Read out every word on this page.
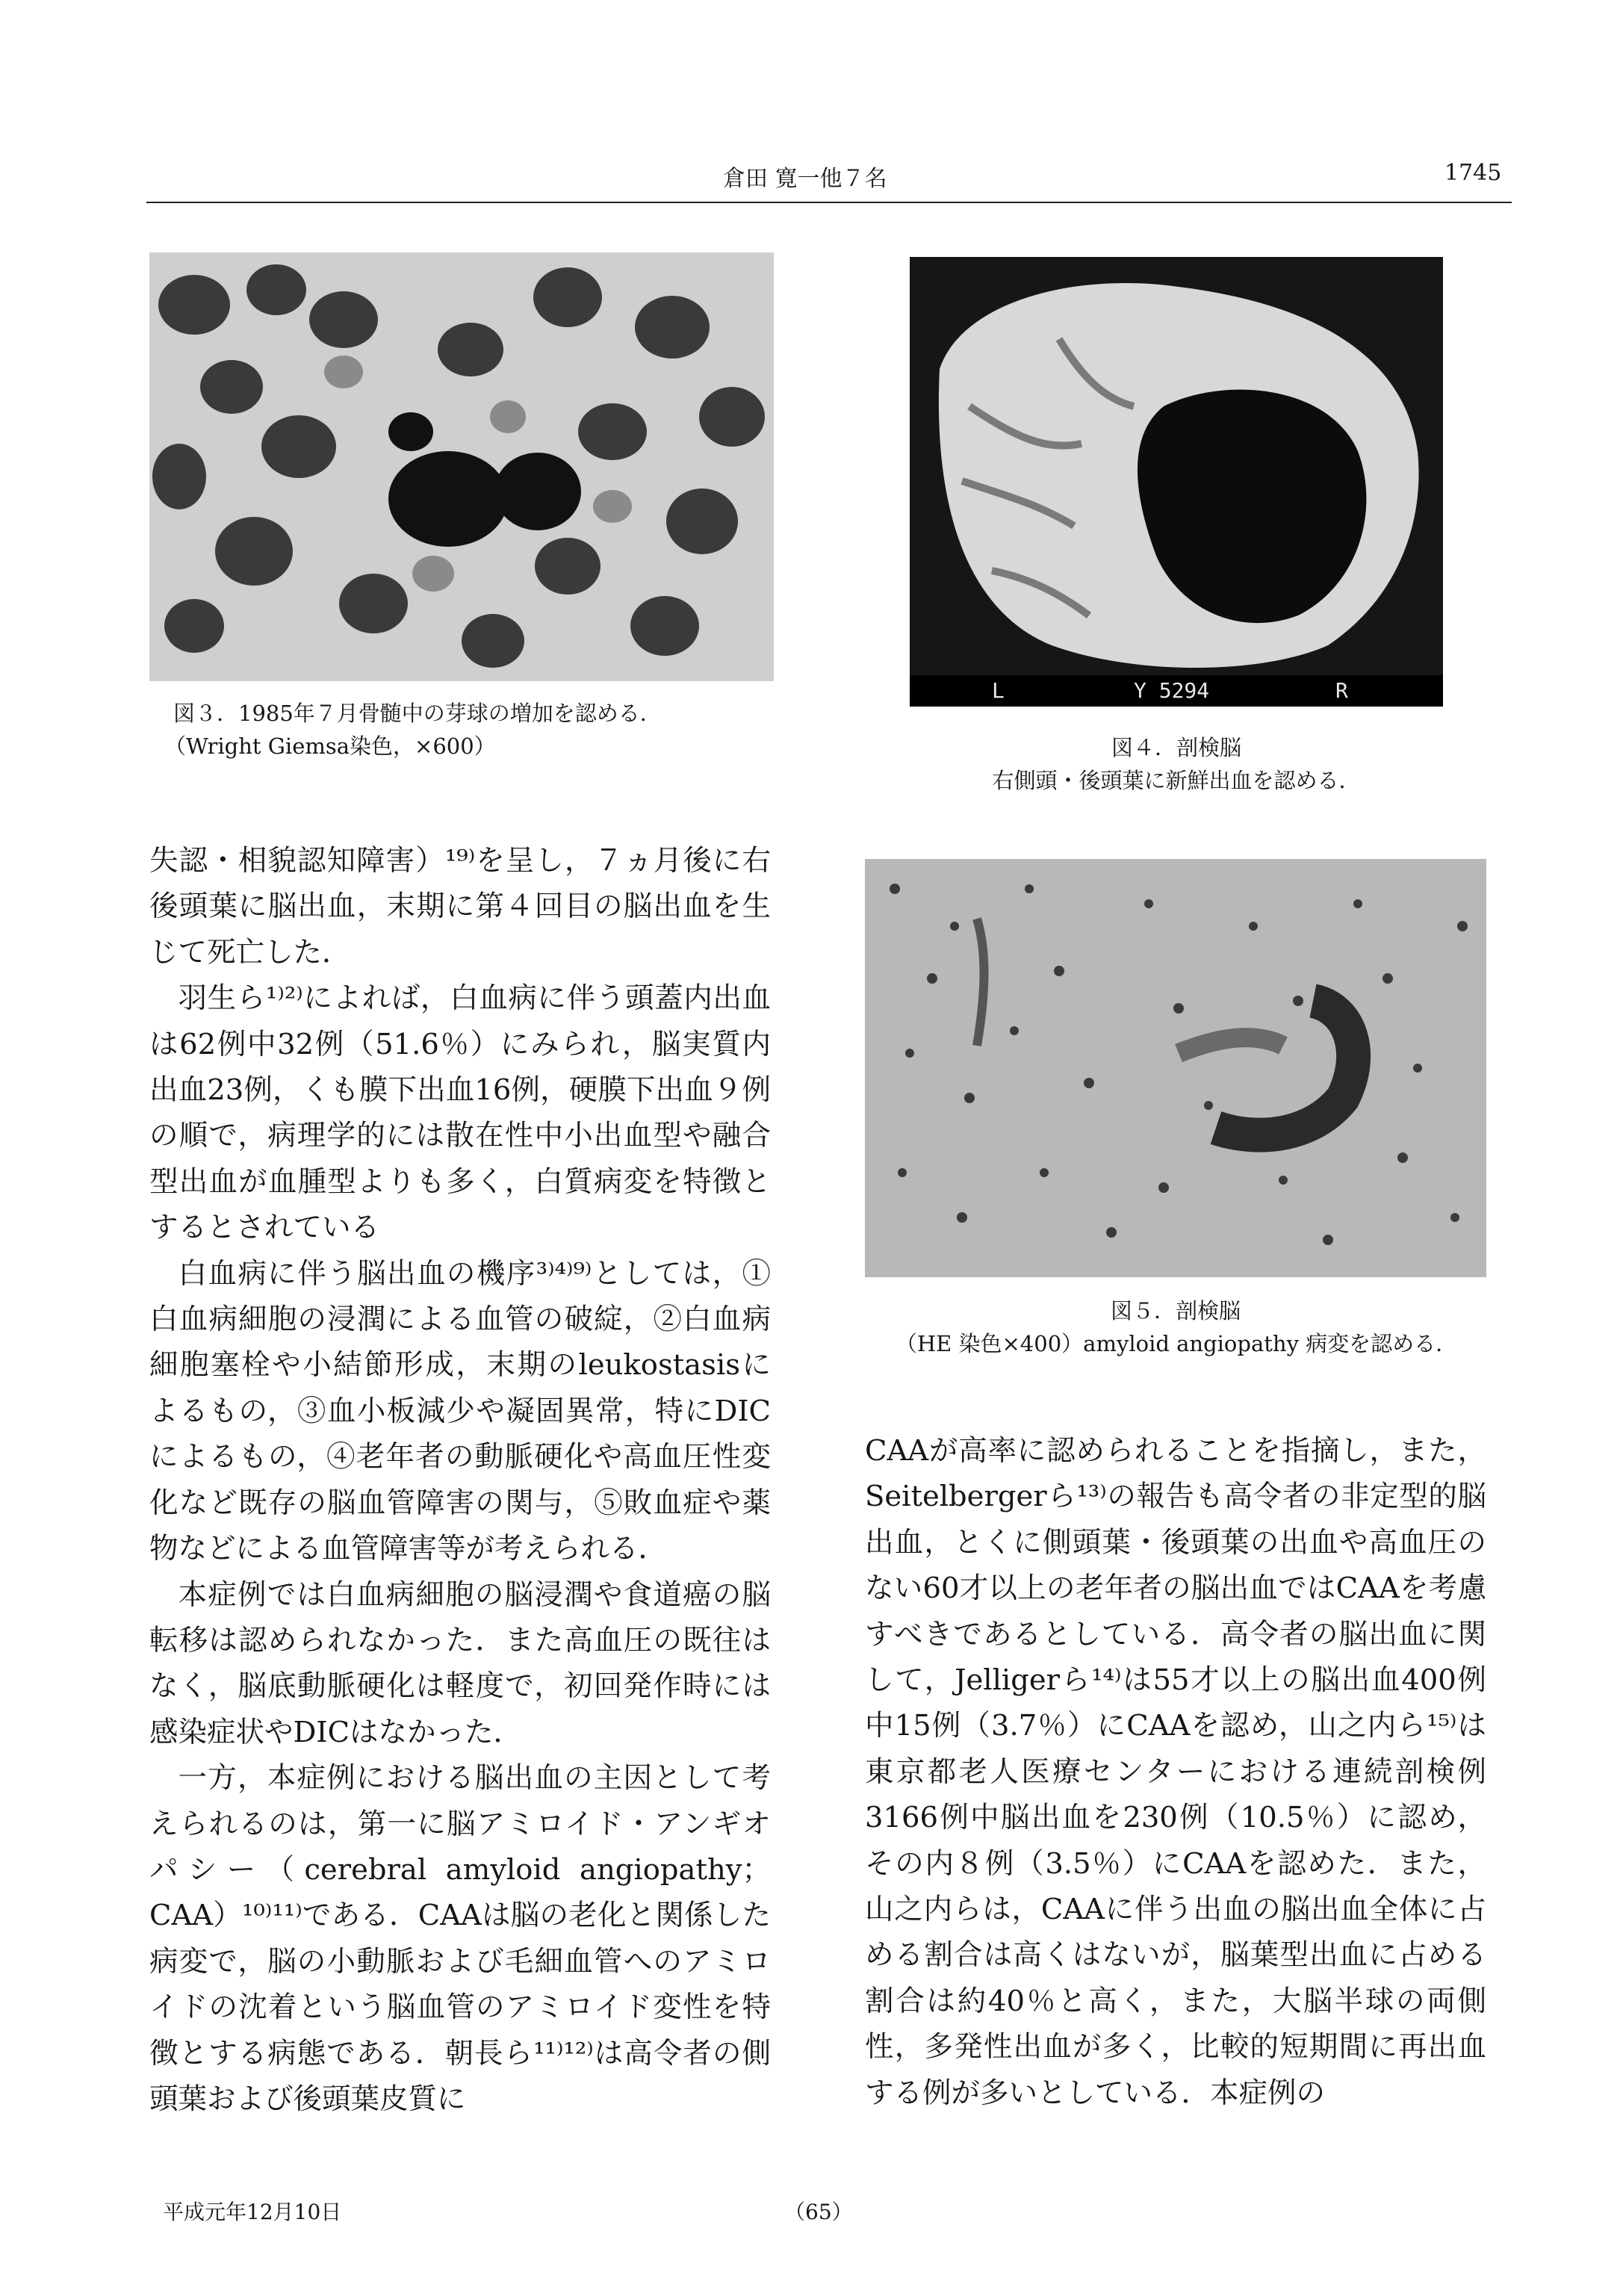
倉田 寛一他７名	1745
図３．1985年７月骨髄中の芽球の増加を認める．
（Wright Giemsa染色，×600）
L	Y 5294	R
図４．剖検脳
右側頭・後頭葉に新鮮出血を認める．
図５．剖検脳
（HE 染色×400）amyloid angiopathy 病変を認める．

失認・相貌認知障害）¹⁹⁾を呈し，７ヵ月後に右後頭葉に脳出血，末期に第４回目の脳出血を生じて死亡した．

羽生ら¹⁾²⁾によれば，白血病に伴う頭蓋内出血は62例中32例（51.6％）にみられ，脳実質内出血23例，くも膜下出血16例，硬膜下出血９例の順で，病理学的には散在性中小出血型や融合型出血が血腫型よりも多く，白質病変を特徴とするとされている

白血病に伴う脳出血の機序³⁾⁴⁾⁹⁾としては，①白血病細胞の浸潤による血管の破綻，②白血病細胞塞栓や小結節形成，末期のleukostasisによるもの，③血小板減少や凝固異常，特にDICによるもの，④老年者の動脈硬化や高血圧性変化など既存の脳血管障害の関与，⑤敗血症や薬物などによる血管障害等が考えられる．

本症例では白血病細胞の脳浸潤や食道癌の脳転移は認められなかった．また高血圧の既往はなく，脳底動脈硬化は軽度で，初回発作時には感染症状やDICはなかった．

一方，本症例における脳出血の主因として考えられるのは，第一に脳アミロイド・アンギオパシー（cerebral amyloid angiopathy；CAA）¹⁰⁾¹¹⁾である．CAAは脳の老化と関係した病変で，脳の小動脈および毛細血管へのアミロイドの沈着という脳血管のアミロイド変性を特徴とする病態である．朝長ら¹¹⁾¹²⁾は高令者の側頭葉および後頭葉皮質に

CAAが高率に認められることを指摘し，また，Seitelbergerら¹³⁾の報告も高令者の非定型的脳出血，とくに側頭葉・後頭葉の出血や高血圧のない60才以上の老年者の脳出血ではCAAを考慮すべきであるとしている．高令者の脳出血に関して，Jelligerら¹⁴⁾は55才以上の脳出血400例中15例（3.7％）にCAAを認め，山之内ら¹⁵⁾は東京都老人医療センターにおける連続剖検例3166例中脳出血を230例（10.5％）に認め，その内８例（3.5％）にCAAを認めた．また，山之内らは，CAAに伴う出血の脳出血全体に占める割合は高くはないが，脳葉型出血に占める割合は約40％と高く，また，大脳半球の両側性，多発性出血が多く，比較的短期間に再出血する例が多いとしている．本症例の

平成元年12月10日	（65）
